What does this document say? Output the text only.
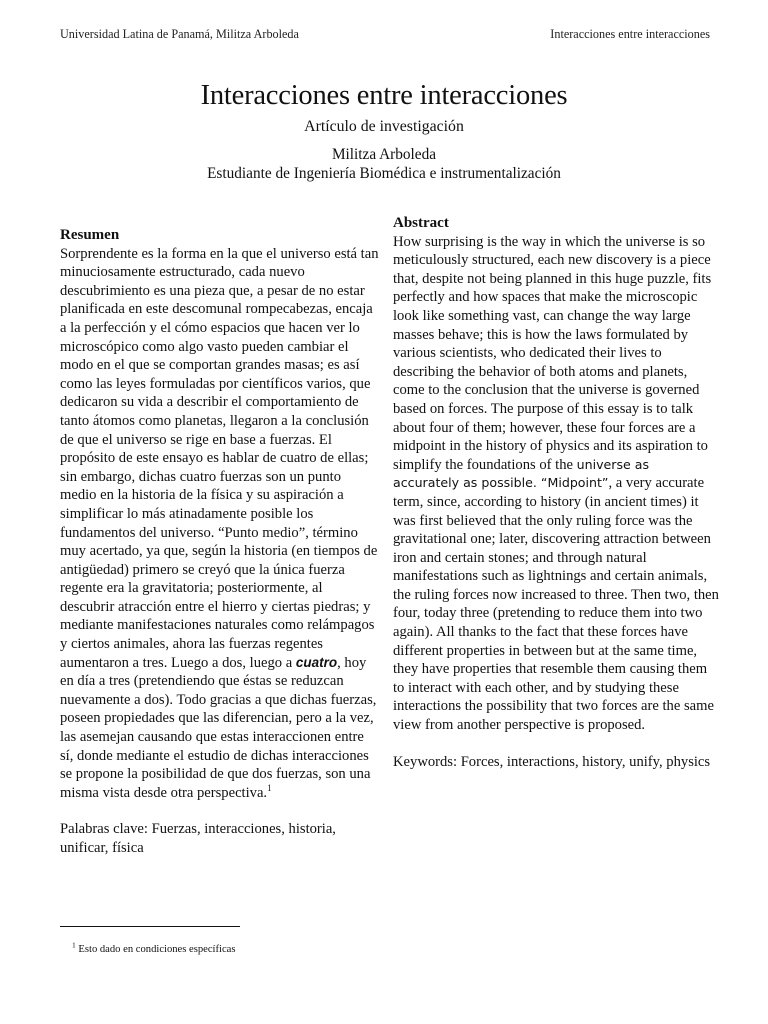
Universidad Latina de Panamá, Militza Arboleda	Interacciones entre interacciones
Interacciones entre interacciones
Artículo de investigación
Militza Arboleda
Estudiante de Ingeniería Biomédica e instrumentalización
Resumen

Sorprendente es la forma en la que el universo está tan minuciosamente estructurado, cada nuevo descubrimiento es una pieza que, a pesar de no estar planificada en este descomunal rompecabezas, encaja a la perfección y el cómo espacios que hacen ver lo microscópico como algo vasto pueden cambiar el modo en el que se comportan grandes masas; es así como las leyes formuladas por científicos varios, que dedicaron su vida a describir el comportamiento de tanto átomos como planetas, llegaron a la conclusión de que el universo se rige en base a fuerzas. El propósito de este ensayo es hablar de cuatro de ellas; sin embargo, dichas cuatro fuerzas son un punto medio en la historia de la física y su aspiración a simplificar lo más atinadamente posible los fundamentos del universo. “Punto medio”, término muy acertado, ya que, según la historia (en tiempos de antigüedad) primero se creyó que la única fuerza regente era la gravitatoria; posteriormente, al descubrir atracción entre el hierro y ciertas piedras; y mediante manifestaciones naturales como relámpagos y ciertos animales, ahora las fuerzas regentes aumentaron a tres. Luego a dos, luego a cuatro, hoy en día a tres (pretendiendo que éstas se reduzcan nuevamente a dos). Todo gracias a que dichas fuerzas, poseen propiedades que las diferencian, pero a la vez, las asemejan causando que estas interaccionen entre sí, donde mediante el estudio de dichas interacciones se propone la posibilidad de que dos fuerzas, son una misma vista desde otra perspectiva.$^1$

Palabras clave: Fuerzas, interacciones, historia, unificar, física

Abstract

How surprising is the way in which the universe is so meticulously structured, each new discovery is a piece that, despite not being planned in this huge puzzle, fits perfectly and how spaces that make the microscopic look like something vast, can change the way large masses behave; this is how the laws formulated by various scientists, who dedicated their lives to describing the behavior of both atoms and planets, come to the conclusion that the universe is governed based on forces. The purpose of this essay is to talk about four of them; however, these four forces are a midpoint in the history of physics and its aspiration to simplify the foundations of the universe as accurately as possible. “Midpoint”, a very accurate term, since, according to history (in ancient times) it was first believed that the only ruling force was the gravitational one; later, discovering attraction between iron and certain stones; and through natural manifestations such as lightnings and certain animals, the ruling forces now increased to three. Then two, then four, today three (pretending to reduce them into two again). All thanks to the fact that these forces have different properties in between but at the same time, they have properties that resemble them causing them to interact with each other, and by studying these interactions the possibility that two forces are the same view from another perspective is proposed.

Keywords: Forces, interactions, history, unify, physics

$^1$ Esto dado en condiciones específicas
